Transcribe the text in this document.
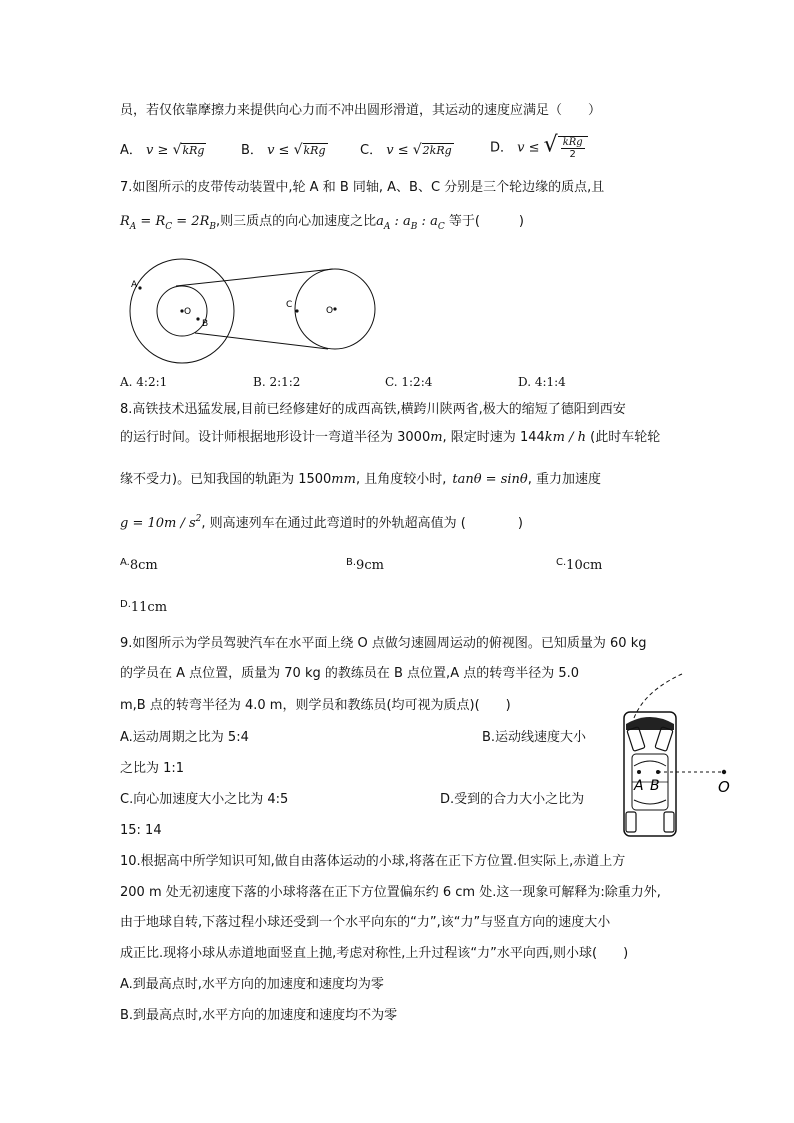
员，若仅依靠摩擦力来提供向心力而不冲出圆形滑道，其运动的速度应满足（　　）
A． v ≥ √kRg	B． v ≤ √kRg	C． v ≤ √2kRg	D． v ≤ √ $\frac{\text{kRg}}{2}$
7.如图所示的皮带传动装置中,轮 A 和 B 同轴, A、B、C 分别是三个轮边缘的质点,且
$R_A = R_C = 2R_B$,则三质点的向心加速度之比$a_A$ : $a_B$ : $a_C$ 等于(　　　)
A
B
C
O	O
A. 4:2:1	B. 2:1:2	C. 1:2:4	D. 4:1:4
8.高铁技术迅猛发展,目前已经修建好的成西高铁,横跨川陕两省,极大的缩短了德阳到西安
的运行时间。设计师根据地形设计一弯道半径为 3000m, 限定时速为 144km / h (此时车轮轮
缘不受力)。已知我国的轨距为 1500mm, 且角度较小时, tanθ = sinθ, 重力加速度
$g = 10m / s^2$, 则高速列车在通过此弯道时的外轨超高值为 (　　　　)
$^{A.}$8cm	$^{B.}$9cm	$^{C.}$10cm
$^{D.}$11cm
9.如图所示为学员驾驶汽车在水平面上绕 O 点做匀速圆周运动的俯视图。已知质量为 60 kg
的学员在 A 点位置，质量为 70 kg 的教练员在 B 点位置,A 点的转弯半径为 5.0
m,B 点的转弯半径为 4.0 m，则学员和教练员(均可视为质点)(　　)
A.运动周期之比为 5:4	B.运动线速度大小
之比为 1:1
C.向心加速度大小之比为 4:5	D.受到的合力大小之比为
15: 14
A B	O
10.根据高中所学知识可知,做自由落体运动的小球,将落在正下方位置.但实际上,赤道上方
200 m 处无初速度下落的小球将落在正下方位置偏东约 6 cm 处.这一现象可解释为:除重力外,
由于地球自转,下落过程小球还受到一个水平向东的“力”,该“力”与竖直方向的速度大小
成正比.现将小球从赤道地面竖直上抛,考虑对称性,上升过程该“力”水平向西,则小球(　　)
A.到最高点时,水平方向的加速度和速度均为零
B.到最高点时,水平方向的加速度和速度均不为零
